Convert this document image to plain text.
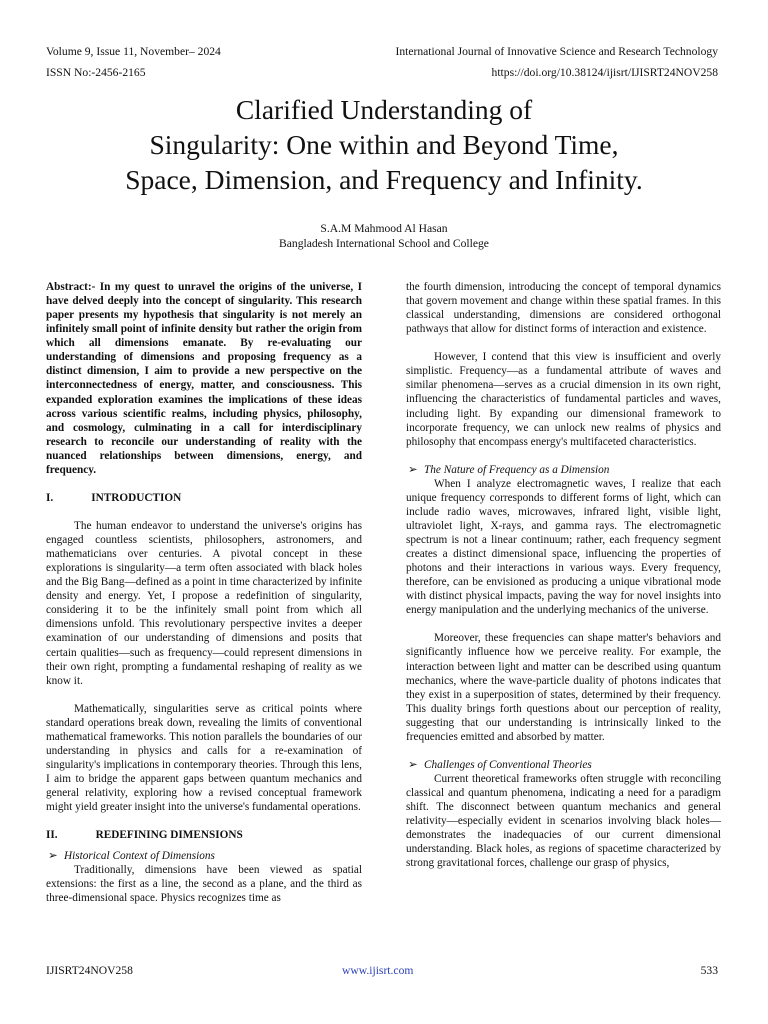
Volume 9, Issue 11, November– 2024
ISSN No:-2456-2165
International Journal of Innovative Science and Research Technology
https://doi.org/10.38124/ijisrt/IJISRT24NOV258
Clarified Understanding of
Singularity: One within and Beyond Time,
Space, Dimension, and Frequency and Infinity.
S.A.M Mahmood Al Hasan
Bangladesh International School and College

Abstract:- In my quest to unravel the origins of the universe, I have delved deeply into the concept of singularity. This research paper presents my hypothesis that singularity is not merely an infinitely small point of infinite density but rather the origin from which all dimensions emanate. By re-evaluating our understanding of dimensions and proposing frequency as a distinct dimension, I aim to provide a new perspective on the interconnectedness of energy, matter, and consciousness. This expanded exploration examines the implications of these ideas across various scientific realms, including physics, philosophy, and cosmology, culminating in a call for interdisciplinary research to reconcile our understanding of reality with the nuanced relationships between dimensions, energy, and frequency.

I.	INTRODUCTION

The human endeavor to understand the universe's origins has engaged countless scientists, philosophers, astronomers, and mathematicians over centuries. A pivotal concept in these explorations is singularity—a term often associated with black holes and the Big Bang—defined as a point in time characterized by infinite density and energy. Yet, I propose a redefinition of singularity, considering it to be the infinitely small point from which all dimensions unfold. This revolutionary perspective invites a deeper examination of our understanding of dimensions and posits that certain qualities—such as frequency—could represent dimensions in their own right, prompting a fundamental reshaping of reality as we know it.

Mathematically, singularities serve as critical points where standard operations break down, revealing the limits of conventional mathematical frameworks. This notion parallels the boundaries of our understanding in physics and calls for a re-examination of singularity's implications in contemporary theories. Through this lens, I aim to bridge the apparent gaps between quantum mechanics and general relativity, exploring how a revised conceptual framework might yield greater insight into the universe's fundamental operations.

II.	REDEFINING DIMENSIONS

➢ Historical Context of Dimensions

Traditionally, dimensions have been viewed as spatial extensions: the first as a line, the second as a plane, and the third as three-dimensional space. Physics recognizes time as

the fourth dimension, introducing the concept of temporal dynamics that govern movement and change within these spatial frames. In this classical understanding, dimensions are considered orthogonal pathways that allow for distinct forms of interaction and existence.

However, I contend that this view is insufficient and overly simplistic. Frequency—as a fundamental attribute of waves and similar phenomena—serves as a crucial dimension in its own right, influencing the characteristics of fundamental particles and waves, including light. By expanding our dimensional framework to incorporate frequency, we can unlock new realms of physics and philosophy that encompass energy's multifaceted characteristics.

➢ The Nature of Frequency as a Dimension

When I analyze electromagnetic waves, I realize that each unique frequency corresponds to different forms of light, which can include radio waves, microwaves, infrared light, visible light, ultraviolet light, X-rays, and gamma rays. The electromagnetic spectrum is not a linear continuum; rather, each frequency segment creates a distinct dimensional space, influencing the properties of photons and their interactions in various ways. Every frequency, therefore, can be envisioned as producing a unique vibrational mode with distinct physical impacts, paving the way for novel insights into energy manipulation and the underlying mechanics of the universe.

Moreover, these frequencies can shape matter's behaviors and significantly influence how we perceive reality. For example, the interaction between light and matter can be described using quantum mechanics, where the wave-particle duality of photons indicates that they exist in a superposition of states, determined by their frequency. This duality brings forth questions about our perception of reality, suggesting that our understanding is intrinsically linked to the frequencies emitted and absorbed by matter.

➢ Challenges of Conventional Theories

Current theoretical frameworks often struggle with reconciling classical and quantum phenomena, indicating a need for a paradigm shift. The disconnect between quantum mechanics and general relativity—especially evident in scenarios involving black holes—demonstrates the inadequacies of our current dimensional understanding. Black holes, as regions of spacetime characterized by strong gravitational forces, challenge our grasp of physics,

IJISRT24NOV258	www.ijisrt.com	533
